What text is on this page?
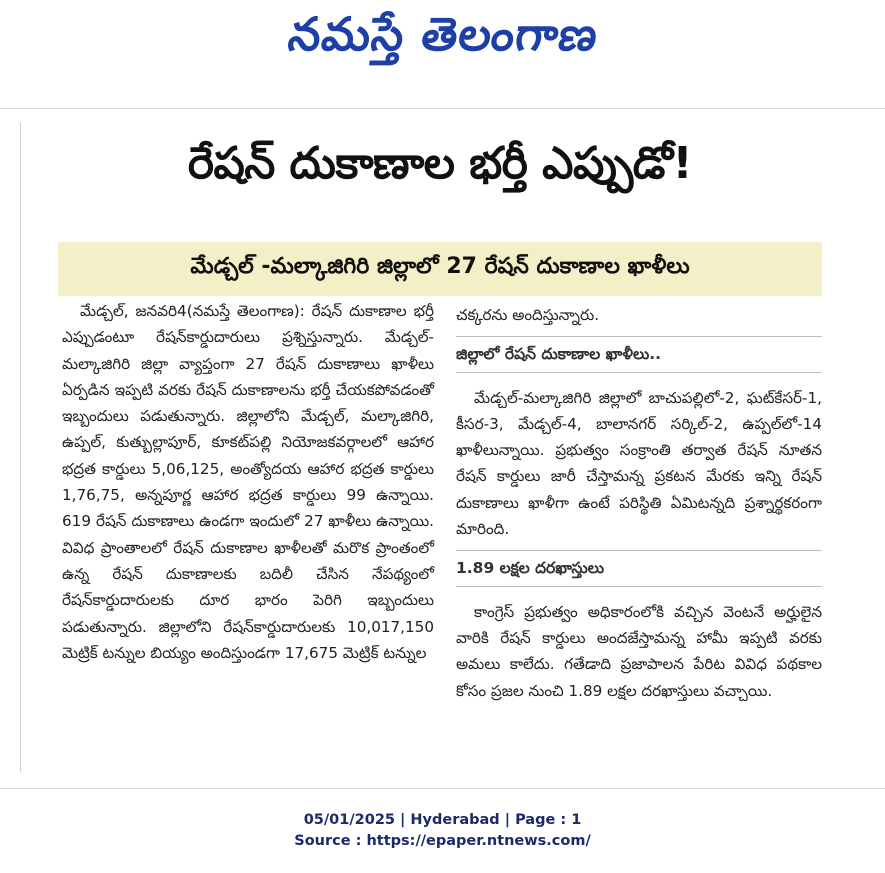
నమస్తే తెలంగాణ
రేషన్ దుకాణాల భర్తీ ఎప్పుడో!
మేడ్చల్ -మల్కాజిగిరి జిల్లాలో 27 రేషన్ దుకాణాల ఖాళీలు

మేడ్చల్, జనవరి4(నమస్తే తెలంగాణ): రేషన్ దుకాణాల భర్తీ ఎప్పుడంటూ రేషన్‌కార్డుదారులు ప్రశ్నిస్తున్నారు. మేడ్చల్-మల్కాజిగిరి జిల్లా వ్యాప్తంగా 27 రేషన్ దుకాణాలు ఖాళీలు ఏర్పడిన ఇప్పటి వరకు రేషన్ దుకాణాలను భర్తీ చేయకపోవడంతో ఇబ్బందులు పడుతున్నారు. జిల్లాలోని మేడ్చల్, మల్కాజిగిరి, ఉప్పల్, కుత్బుల్లాపూర్, కూకట్‌పల్లి నియోజకవర్గాలలో ఆహార భద్రత కార్డులు 5,06,125, అంత్యోదయ ఆహార భద్రత కార్డులు 1,76,75, అన్నపూర్ణ ఆహార భద్రత కార్డులు 99 ఉన్నాయి. 619 రేషన్ దుకాణాలు ఉండగా ఇందులో 27 ఖాళీలు ఉన్నాయి. వివిధ ప్రాంతాలలో రేషన్ దుకాణాల ఖాళీలతో మరొక ప్రాంతంలో ఉన్న రేషన్ దుకాణాలకు బదిలీ చేసిన నేపథ్యంలో రేషన్‌కార్డుదారులకు దూర భారం పెరిగి ఇబ్బందులు పడుతున్నారు. జిల్లాలోని రేషన్‌కార్డుదారులకు 10,017,150 మెట్రిక్ టన్నుల బియ్యం అందిస్తుండగా 17,675 మెట్రిక్ టన్నుల

చక్కరను అందిస్తున్నారు.
జిల్లాలో రేషన్ దుకాణాల ఖాళీలు..

మేడ్చల్-మల్కాజిగిరి జిల్లాలో బాచుపల్లిలో-2, ఘట్‌కేసర్-1, కీసర-3, మేడ్చల్-4, బాలానగర్ సర్కిల్-2, ఉప్పల్‌లో-14 ఖాళీలున్నాయి. ప్రభుత్వం సంక్రాంతి తర్వాత రేషన్ నూతన రేషన్ కార్డులు జారీ చేస్తామన్న ప్రకటన మేరకు ఇన్ని రేషన్ దుకాణాలు ఖాళీగా ఉంటే పరిస్థితి ఏమిటన్నది ప్రశ్నార్థకరంగా మారింది.

1.89 లక్షల దరఖాస్తులు

కాంగ్రెస్ ప్రభుత్వం అధికారంలోకి వచ్చిన వెంటనే అర్హులైన వారికి రేషన్ కార్డులు అందజేస్తామన్న హామీ ఇప్పటి వరకు అమలు కాలేదు. గతేడాది ప్రజాపాలన పేరిట వివిధ పథకాల కోసం ప్రజల నుంచి 1.89 లక్షల దరఖాస్తులు వచ్చాయి.

05/01/2025 | Hyderabad | Page : 1
Source : https://epaper.ntnews.com/
